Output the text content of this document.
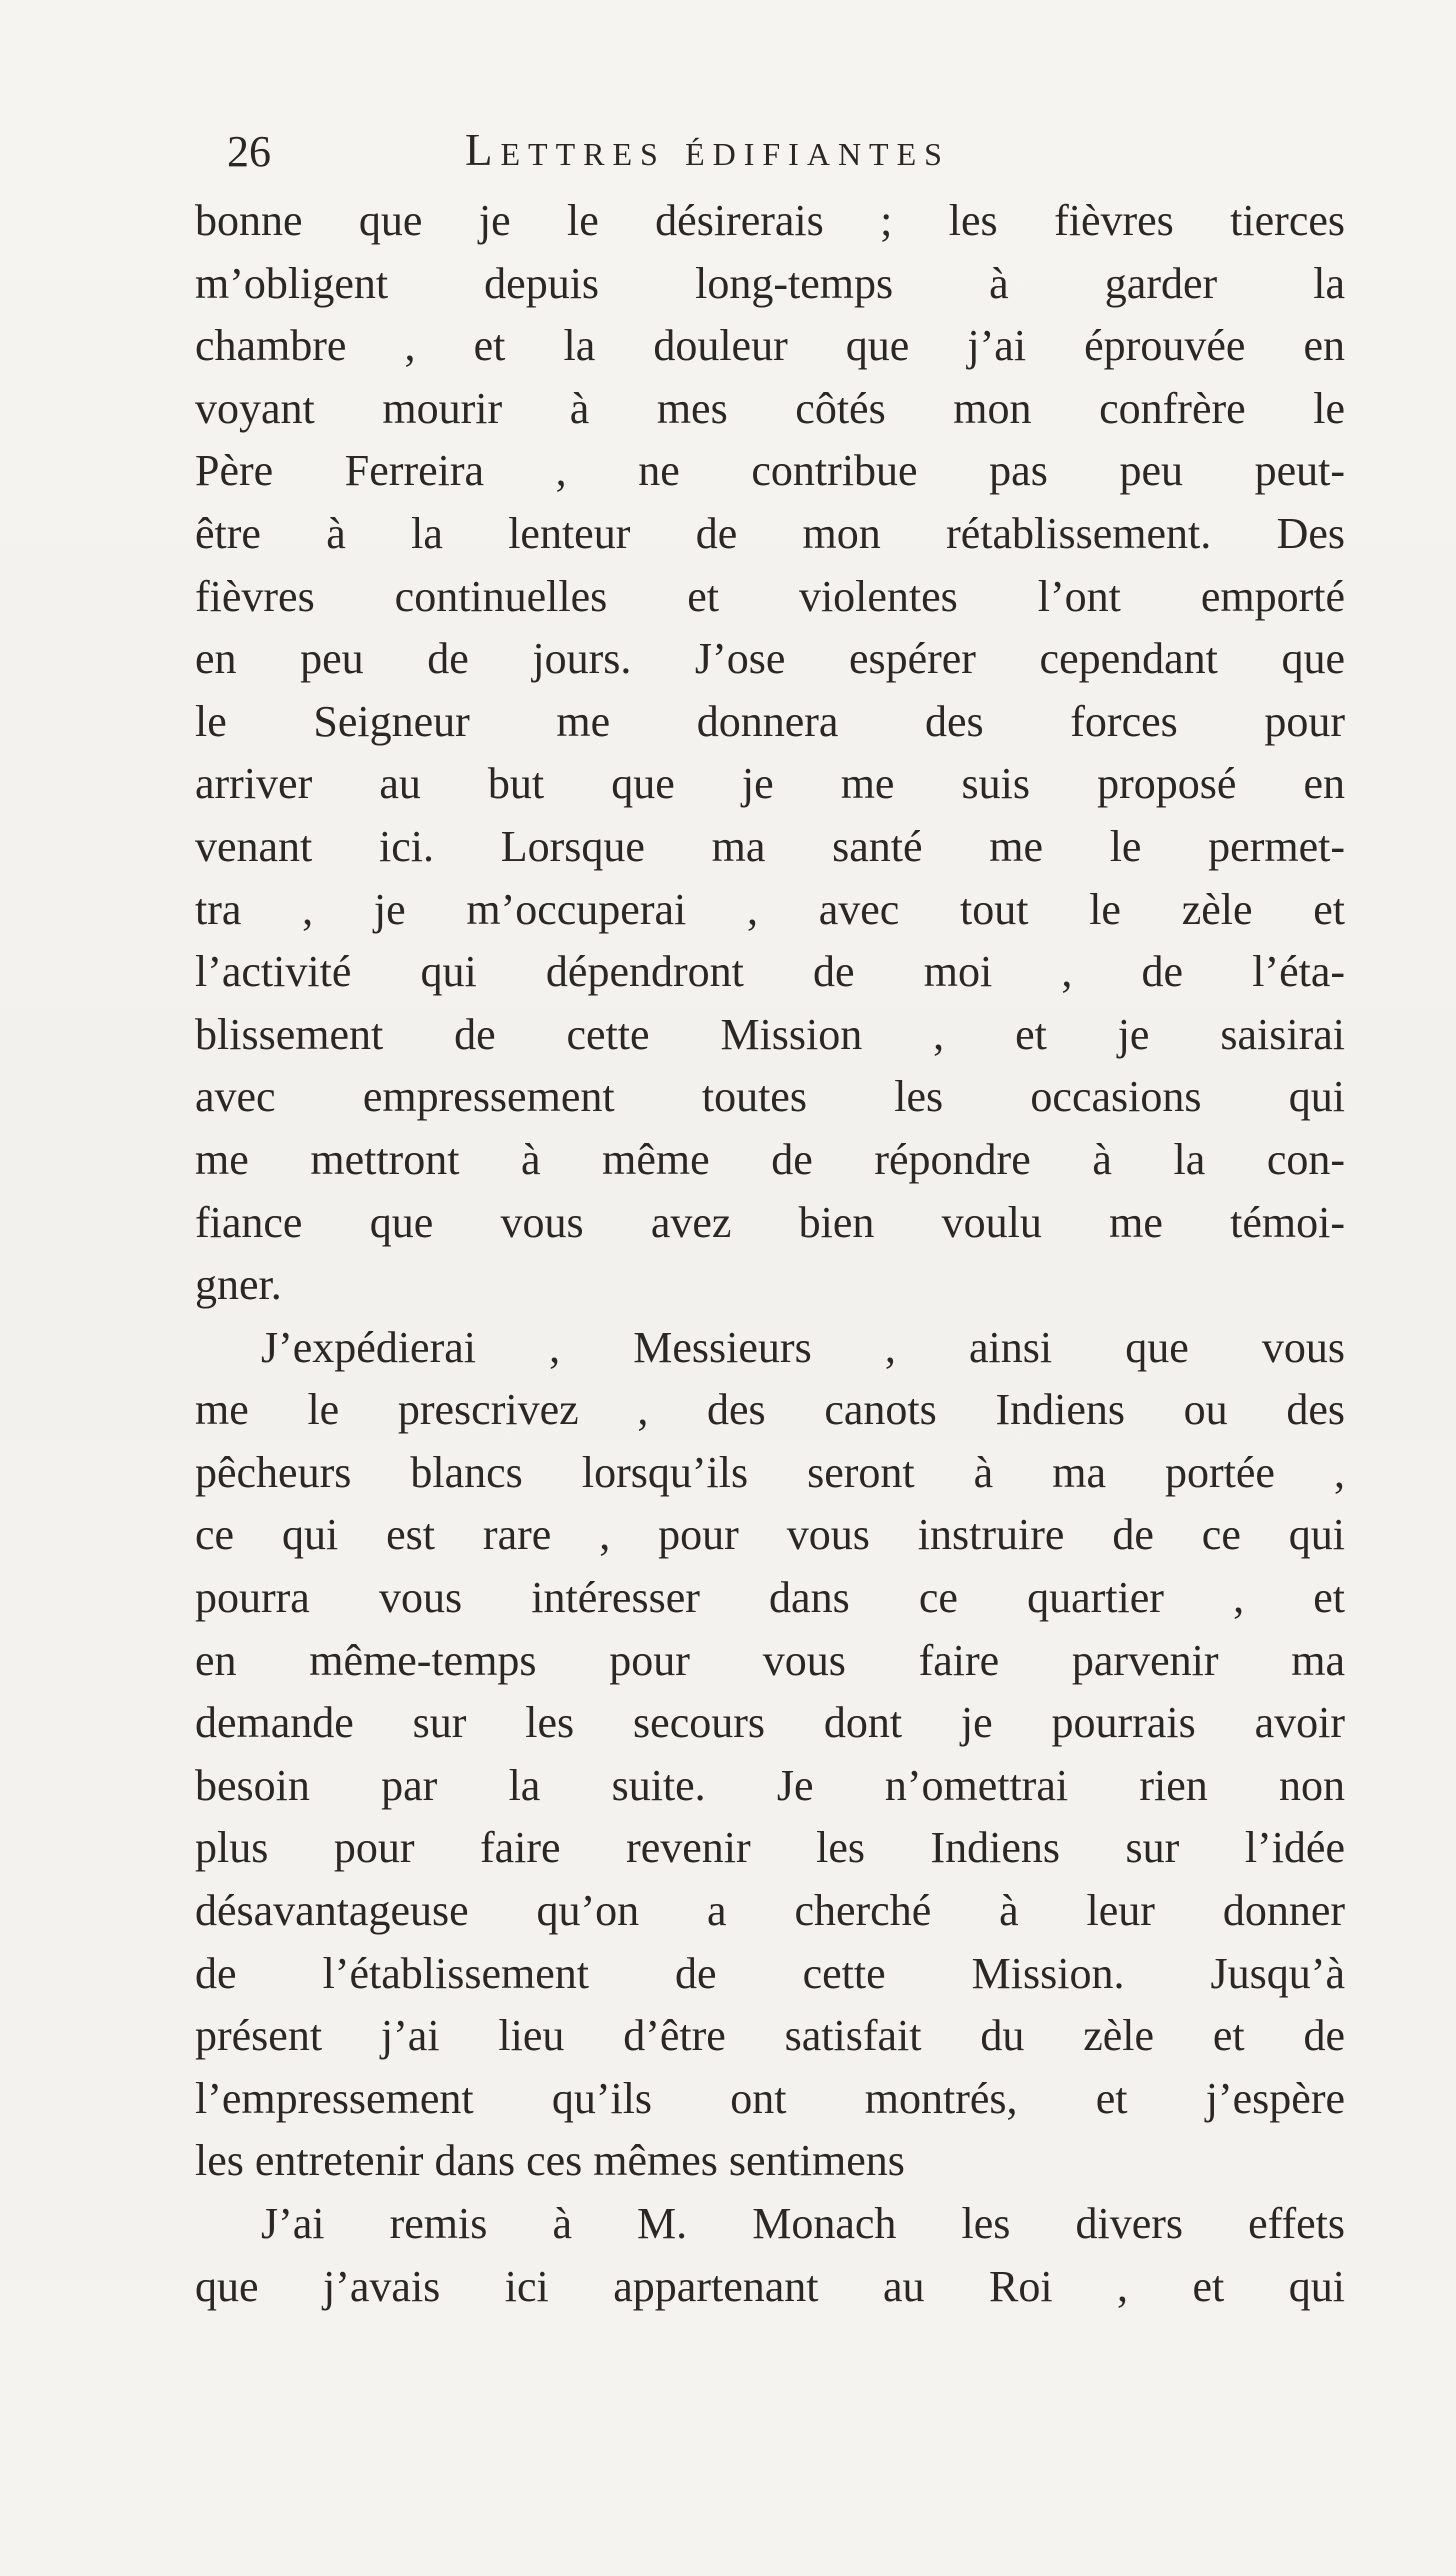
26	Lettres édifiantes
bonne que je le désirerais ; les fièvres tierces
m’obligent depuis long-temps à garder la
chambre , et la douleur que j’ai éprouvée en
voyant mourir à mes côtés mon confrère le
Père Ferreira , ne contribue pas peu peut-
être à la lenteur de mon rétablissement. Des
fièvres continuelles et violentes l’ont emporté
en peu de jours. J’ose espérer cependant que
le Seigneur me donnera des forces pour
arriver au but que je me suis proposé en
venant ici. Lorsque ma santé me le permet-
tra , je m’occuperai , avec tout le zèle et
l’activité qui dépendront de moi , de l’éta-
blissement de cette Mission , et je saisirai
avec empressement toutes les occasions qui
me mettront à même de répondre à la con-
fiance que vous avez bien voulu me témoi-
gner.
J’expédierai , Messieurs , ainsi que vous
me le prescrivez , des canots Indiens ou des
pêcheurs blancs lorsqu’ils seront à ma portée ,
ce qui est rare , pour vous instruire de ce qui
pourra vous intéresser dans ce quartier , et
en même-temps pour vous faire parvenir ma
demande sur les secours dont je pourrais avoir
besoin par la suite. Je n’omettrai rien non
plus pour faire revenir les Indiens sur l’idée
désavantageuse qu’on a cherché à leur donner
de l’établissement de cette Mission. Jusqu’à
présent j’ai lieu d’être satisfait du zèle et de
l’empressement qu’ils ont montrés, et j’espère
les entretenir dans ces mêmes sentimens
J’ai remis à M. Monach les divers effets
que j’avais ici appartenant au Roi , et qui
